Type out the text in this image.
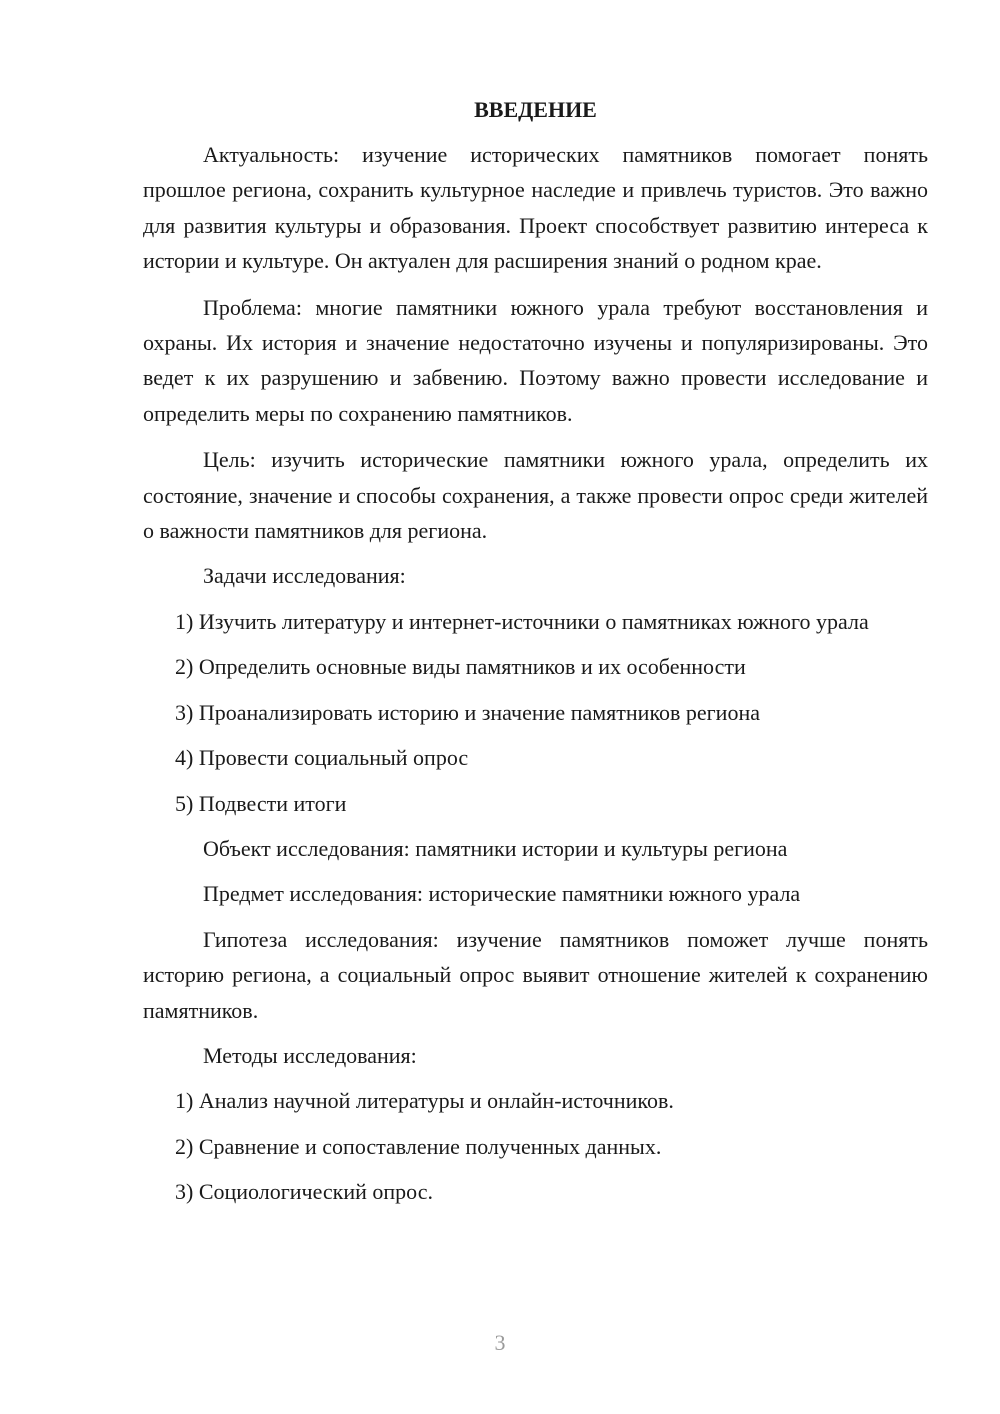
ВВЕДЕНИЕ

Актуальность: изучение исторических памятников помогает понять прошлое региона, сохранить культурное наследие и привлечь туристов. Это важно для развития культуры и образования. Проект способствует развитию интереса к истории и культуре. Он актуален для расширения знаний о родном крае.

Проблема: многие памятники южного урала требуют восстановления и охраны. Их история и значение недостаточно изучены и популяризированы. Это ведет к их разрушению и забвению. Поэтому важно провести исследование и определить меры по сохранению памятников.

Цель: изучить исторические памятники южного урала, определить их состояние, значение и способы сохранения, а также провести опрос среди жителей о важности памятников для региона.

Задачи исследования:

1) Изучить литературу и интернет-источники о памятниках южного урала

2) Определить основные виды памятников и их особенности

3) Проанализировать историю и значение памятников региона

4) Провести социальный опрос

5) Подвести итоги

Объект исследования: памятники истории и культуры региона

Предмет исследования: исторические памятники южного урала

Гипотеза исследования: изучение памятников поможет лучше понять историю региона, а социальный опрос выявит отношение жителей к сохранению памятников.

Методы исследования:

1) Анализ научной литературы и онлайн-источников.

2) Сравнение и сопоставление полученных данных.

3) Социологический опрос.

3
